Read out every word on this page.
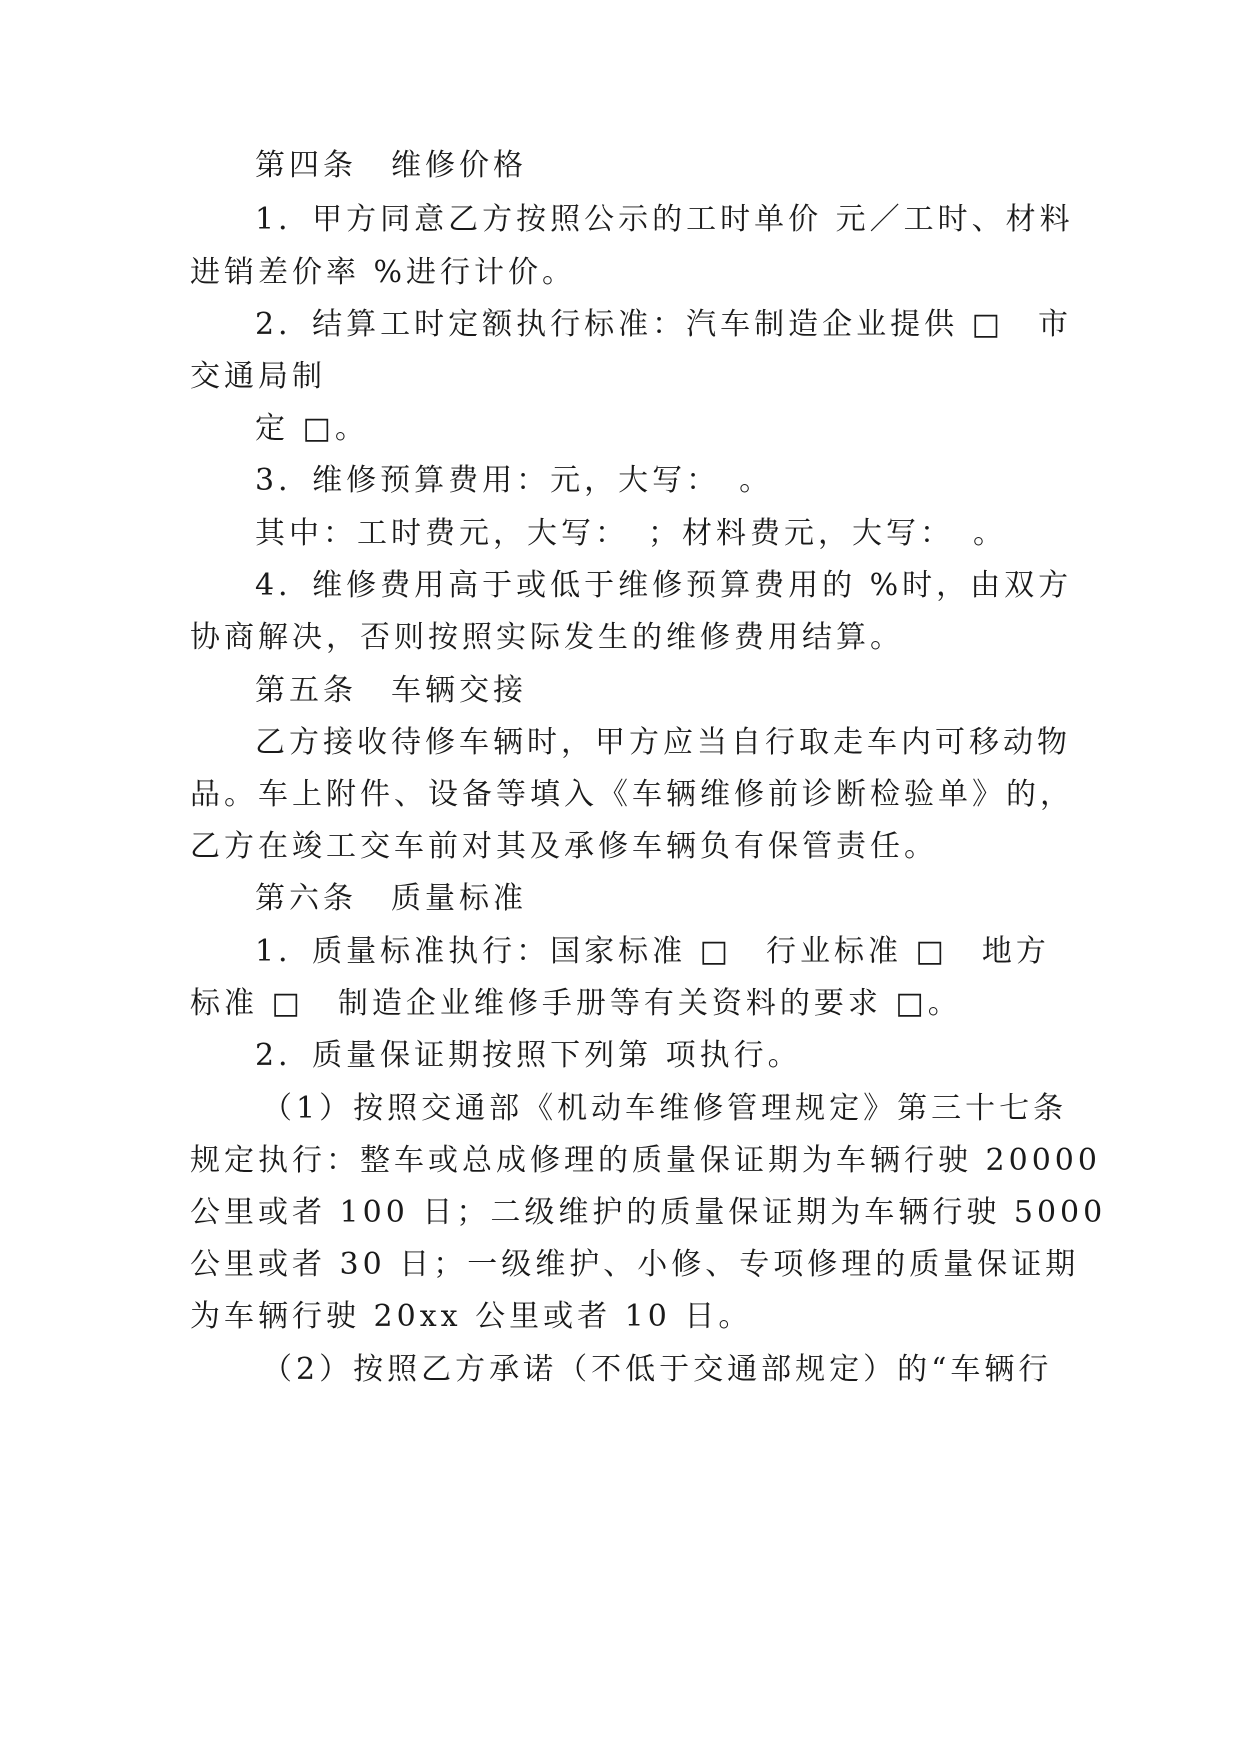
第四条　维修价格
1．甲方同意乙方按照公示的工时单价 元／工时、材料
进销差价率 %进行计价。
2．结算工时定额执行标准：汽车制造企业提供 □　市
交通局制
定 □。
3．维修预算费用：元，大写：　。
其中：工时费元，大写：　；材料费元，大写：　。
4．维修费用高于或低于维修预算费用的 %时，由双方
协商解决，否则按照实际发生的维修费用结算。
第五条　车辆交接
乙方接收待修车辆时，甲方应当自行取走车内可移动物
品。车上附件、设备等填入《车辆维修前诊断检验单》的，
乙方在竣工交车前对其及承修车辆负有保管责任。
第六条　质量标准
1．质量标准执行：国家标准 □　行业标准 □　地方
标准 □　制造企业维修手册等有关资料的要求 □。
2．质量保证期按照下列第 项执行。
（1）按照交通部《机动车维修管理规定》第三十七条
规定执行：整车或总成修理的质量保证期为车辆行驶 20000
公里或者 100 日；二级维护的质量保证期为车辆行驶 5000
公里或者 30 日；一级维护、小修、专项修理的质量保证期
为车辆行驶 20xx 公里或者 10 日。
（2）按照乙方承诺（不低于交通部规定）的“车辆行
